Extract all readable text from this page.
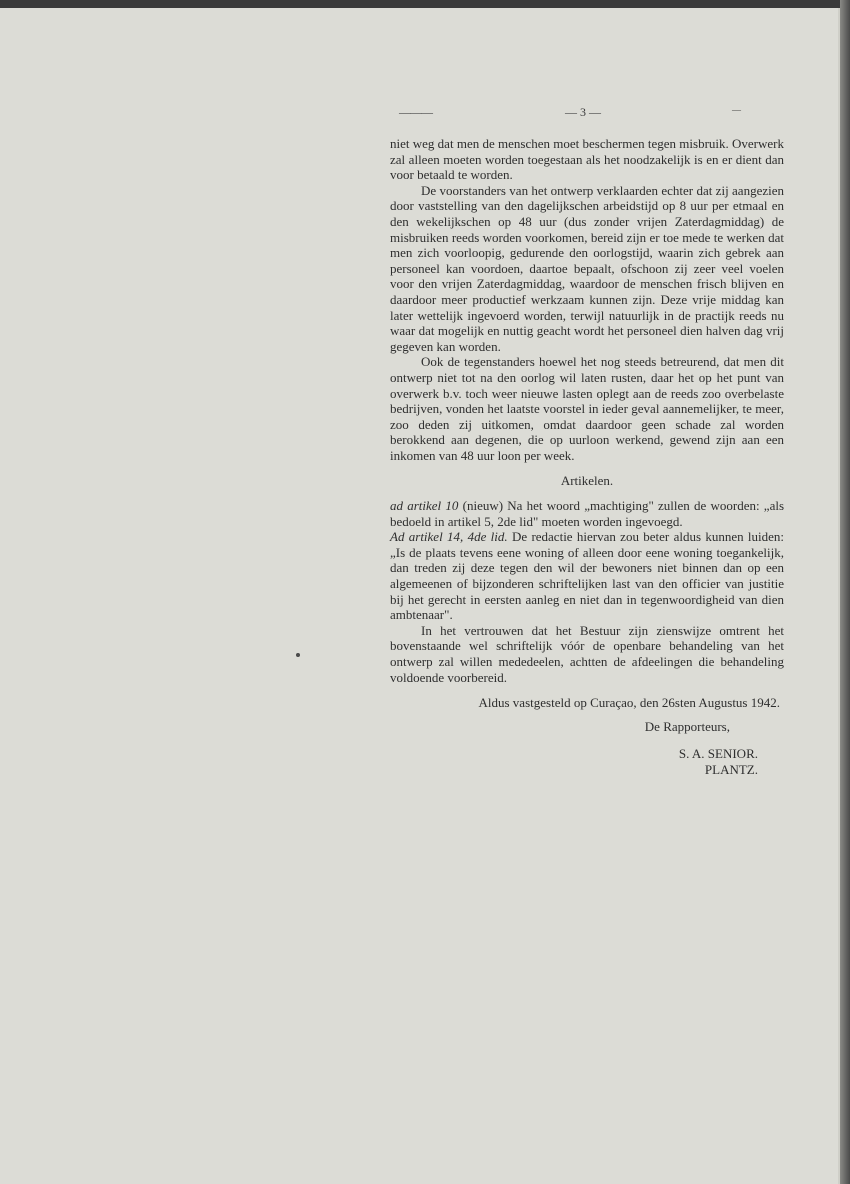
———	— 3 —	—

niet weg dat men de menschen moet beschermen tegen misbruik. Overwerk zal alleen moeten worden toegestaan als het noodzakelijk is en er dient dan voor betaald te worden.

De voorstanders van het ontwerp verklaarden echter dat zij aangezien door vaststelling van den dagelijkschen arbeidstijd op 8 uur per etmaal en den wekelijkschen op 48 uur (dus zonder vrijen Zaterdagmiddag) de misbruiken reeds worden voorkomen, bereid zijn er toe mede te werken dat men zich voorloopig, gedurende den oorlogstijd, waarin zich gebrek aan personeel kan voordoen, daartoe bepaalt, ofschoon zij zeer veel voelen voor den vrijen Zaterdagmiddag, waardoor de menschen frisch blijven en daardoor meer productief werkzaam kunnen zijn. Deze vrije middag kan later wettelijk ingevoerd worden, terwijl natuurlijk in de practijk reeds nu waar dat mogelijk en nuttig geacht wordt het personeel dien halven dag vrij gegeven kan worden.

Ook de tegenstanders hoewel het nog steeds betreurend, dat men dit ontwerp niet tot na den oorlog wil laten rusten, daar het op het punt van overwerk b.v. toch weer nieuwe lasten oplegt aan de reeds zoo overbelaste bedrijven, vonden het laatste voorstel in ieder geval aannemelijker, te meer, zoo deden zij uitkomen, omdat daardoor geen schade zal worden berokkend aan degenen, die op uurloon werkend, gewend zijn aan een inkomen van 48 uur loon per week.

Artikelen.

ad artikel 10 (nieuw) Na het woord „machtiging" zullen de woorden: „als bedoeld in artikel 5, 2de lid" moeten worden ingevoegd.

Ad artikel 14, 4de lid. De redactie hiervan zou beter aldus kunnen luiden: „Is de plaats tevens eene woning of alleen door eene woning toegankelijk, dan treden zij deze tegen den wil der bewoners niet binnen dan op een algemeenen of bijzonderen schriftelijken last van den officier van justitie bij het gerecht in eersten aanleg en niet dan in tegenwoordigheid van dien ambtenaar".

In het vertrouwen dat het Bestuur zijn zienswijze omtrent het bovenstaande wel schriftelijk vóór de openbare behandeling van het ontwerp zal willen mededeelen, achtten de afdeelingen die behandeling voldoende voorbereid.

Aldus vastgesteld op Curaçao, den 26sten Augustus 1942.

De Rapporteurs,

S. A. SENIOR.
PLANTZ.
